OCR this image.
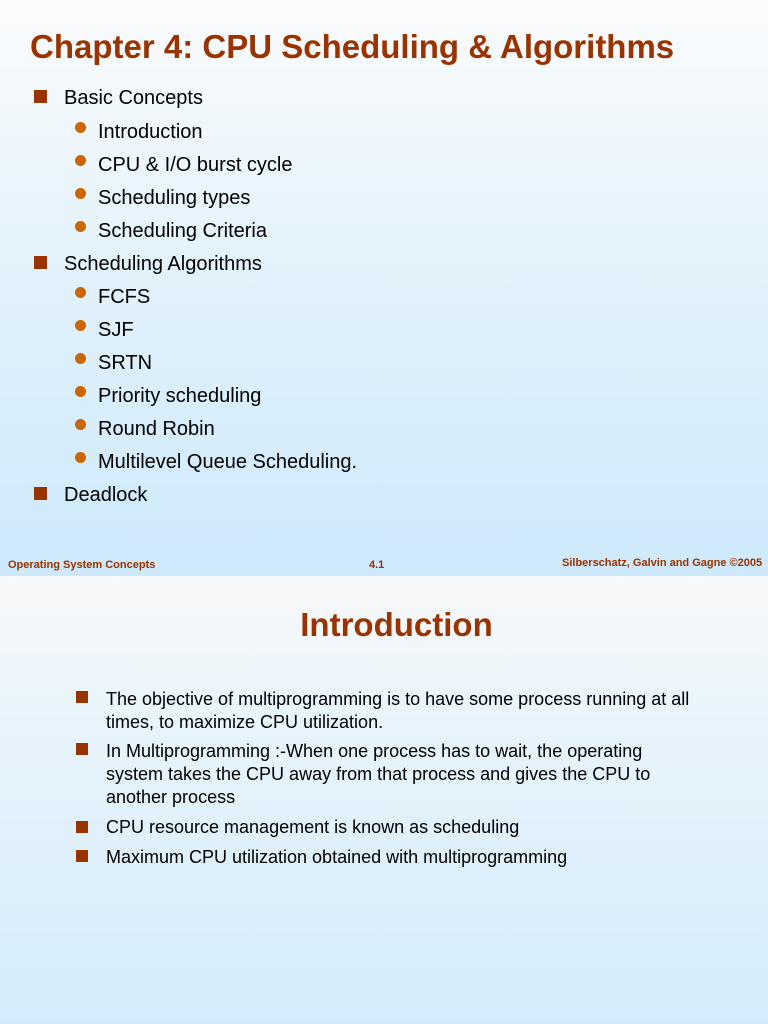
Chapter 4: CPU Scheduling & Algorithms
Basic Concepts
Introduction
CPU & I/O burst cycle
Scheduling types
Scheduling Criteria
Scheduling Algorithms
FCFS
SJF
SRTN
Priority scheduling
Round Robin
Multilevel Queue Scheduling.
Deadlock
Operating System Concepts	4.1	Silberschatz, Galvin and Gagne ©2005
Introduction
The objective of multiprogramming is to have some process running at all times, to maximize CPU utilization.
In Multiprogramming :-When one process has to wait, the operating system takes the CPU away from that process and gives the CPU to another process
CPU resource management is known as scheduling
Maximum CPU utilization obtained with multiprogramming
